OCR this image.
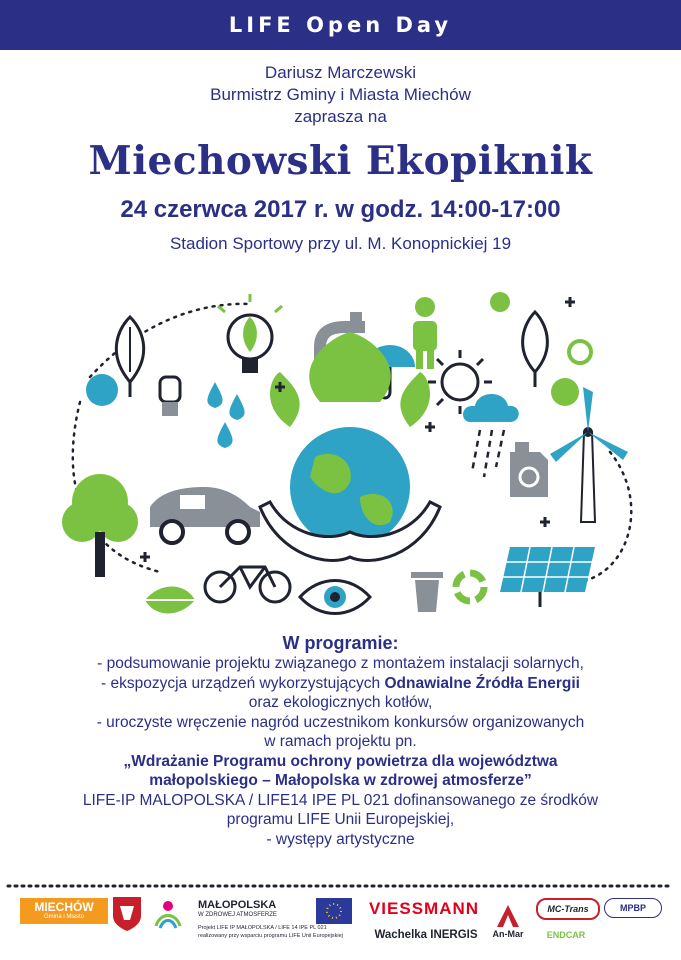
LIFE Open Day
Dariusz Marczewski
Burmistrz Gminy i Miasta Miechów
zaprasza na
Miechowski Ekopiknik
24 czerwca 2017 r. w godz. 14:00-17:00
Stadion Sportowy przy ul. M. Konopnickiej 19
W programie:
- podsumowanie projektu związanego z montażem instalacji solarnych,
- ekspozycja urządzeń wykorzystujących Odnawialne Źródła Energii
oraz ekologicznych kotłów,
- uroczyste wręczenie nagród uczestnikom konkursów organizowanych
w ramach projektu pn.
„Wdrażanie Programu ochrony powietrza dla województwa
małopolskiego – Małopolska w zdrowej atmosferze”
LIFE-IP MALOPOLSKA / LIFE14 IPE PL 021 dofinansowanego ze środków
programu LIFE Unii Europejskiej,
- występy artystyczne
MIECHÓW
Gmina i Miasto
MAŁOPOLSKA
W ZDROWEJ ATMOSFERZE
Projekt LIFE IP MAŁOPOLSKA / LIFE 14 IPE PL 021
realizowany przy wsparciu programu LIFE Unii Europejskiej
VIESSMANN
Wachelka INERGIS An-Mar
MC-Trans
ENDCAR
MPBP
